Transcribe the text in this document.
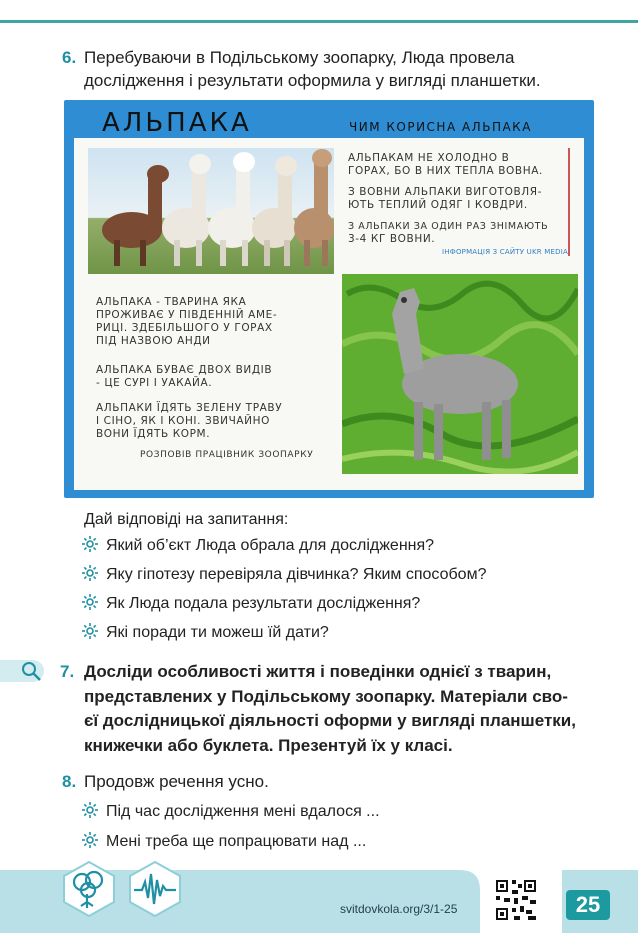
6. Перебуваючи в Подільському зоопарку, Люда провела
дослідження і результати оформила у вигляді планшетки.
АЛЬПАКА	ЧИМ КОРИСНА АЛЬПАКА
АЛЬПАКАМ НЕ ХОЛОДНО В
ГОРАХ, БО В НИХ ТЕПЛА ВОВНА.
З ВОВНИ АЛЬПАКИ ВИГОТОВЛЯ-
ЮТЬ ТЕПЛИЙ ОДЯГ І КОВДРИ.
З АЛЬПАКИ ЗА ОДИН РАЗ ЗНІМАЮТЬ
3-4 КГ ВОВНИ.
ІНФОРМАЦІЯ З САЙТУ UKR MEDIA
АЛЬПАКА - ТВАРИНА ЯКА
ПРОЖИВАЄ У ПІВДЕННІЙ АМЕ-
РИЦІ. ЗДЕБІЛЬШОГО У ГОРАХ
ПІД НАЗВОЮ АНДИ
АЛЬПАКА БУВАЄ ДВОХ ВИДІВ
- ЦЕ СУРІ І УАКАЙА.
АЛЬПАКИ ЇДЯТЬ ЗЕЛЕНУ ТРАВУ
І СІНО, ЯК І КОНІ. ЗВИЧАЙНО
ВОНИ ЇДЯТЬ КОРМ.
РОЗПОВІВ ПРАЦІВНИК ЗООПАРКУ
Дай відповіді на запитання:
Який об’єкт Люда обрала для дослідження?
Яку гіпотезу перевіряла дівчинка? Яким способом?
Як Люда подала результати дослідження?
Які поради ти можеш їй дати?
7. Досліди особливості життя і поведінки однієї з тварин,
представлених у Подільському зоопарку. Матеріали сво-
єї дослідницької діяльності оформи у вигляді планшетки,
книжечки або буклета. Презентуй їх у класі.
8. Продовж речення усно.
Під час дослідження мені вдалося ...
Мені треба ще попрацювати над ...
svitdovkola.org/3/1-25	25
